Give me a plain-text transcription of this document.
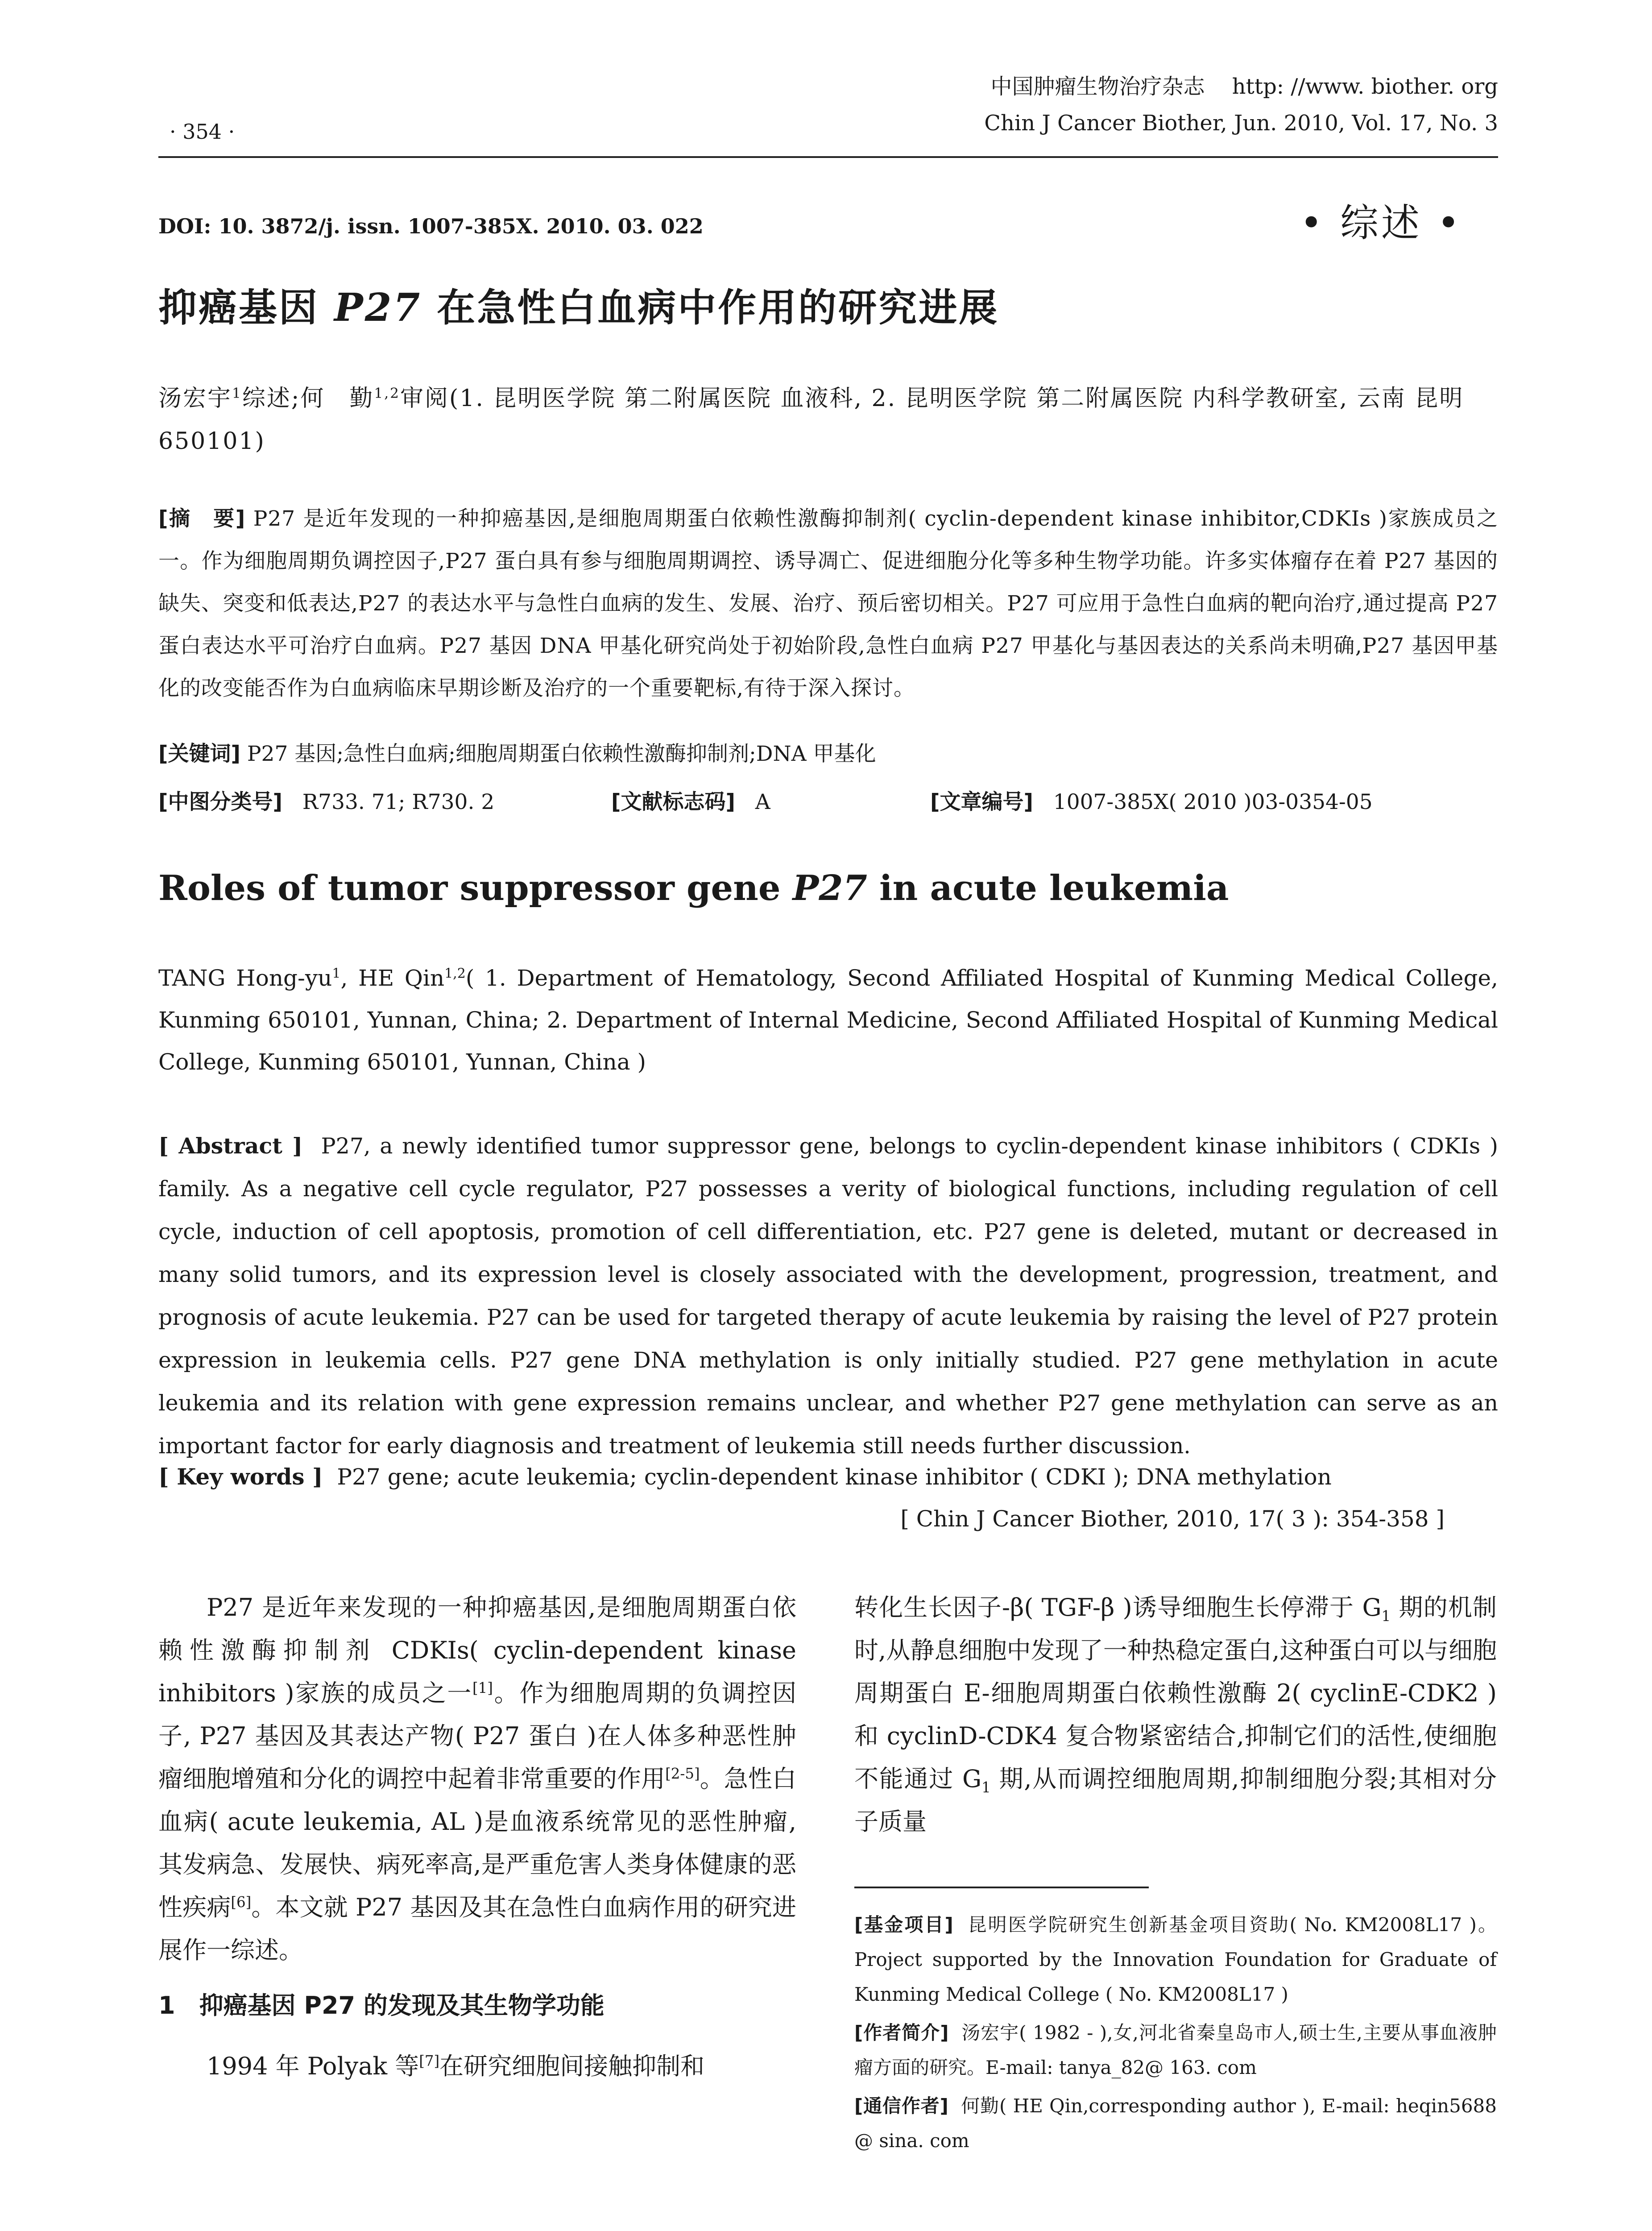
· 354 ·
中国肿瘤生物治疗杂志 http: //www. biother. org
Chin J Cancer Biother, Jun. 2010, Vol. 17, No. 3
DOI: 10. 3872/j. issn. 1007-385X. 2010. 03. 022	• 综述 •
抑癌基因 P27 在急性白血病中作用的研究进展
汤宏宇$^1$综述;何　勤$^{1,2}$审阅(1. 昆明医学院 第二附属医院 血液科, 2. 昆明医学院 第二附属医院 内科学教研室, 云南 昆明 650101)
[摘　要] P27 是近年发现的一种抑癌基因,是细胞周期蛋白依赖性激酶抑制剂( cyclin-dependent kinase inhibitor,CDKIs )家族成员之一。作为细胞周期负调控因子,P27 蛋白具有参与细胞周期调控、诱导凋亡、促进细胞分化等多种生物学功能。许多实体瘤存在着 P27 基因的缺失、突变和低表达,P27 的表达水平与急性白血病的发生、发展、治疗、预后密切相关。P27 可应用于急性白血病的靶向治疗,通过提高 P27 蛋白表达水平可治疗白血病。P27 基因 DNA 甲基化研究尚处于初始阶段,急性白血病 P27 甲基化与基因表达的关系尚未明确,P27 基因甲基化的改变能否作为白血病临床早期诊断及治疗的一个重要靶标,有待于深入探讨。
[关键词] P27 基因;急性白血病;细胞周期蛋白依赖性激酶抑制剂;DNA 甲基化
[中图分类号] R733. 71; R730. 2	[文献标志码] A	[文章编号] 1007-385X( 2010 )03-0354-05
Roles of tumor suppressor gene P27 in acute leukemia
TANG Hong-$yu^1$, HE Qin$^{1,2}$( 1. Department of Hematology, Second Affiliated Hospital of Kunming Medical College, Kunming 650101, Yunnan, China; 2. Department of Internal Medicine, Second Affiliated Hospital of Kunming Medical College, Kunming 650101, Yunnan, China )
[ Abstract ] P27, a newly identified tumor suppressor gene, belongs to cyclin-dependent kinase inhibitors ( CDKIs ) family. As a negative cell cycle regulator, P27 possesses a verity of biological functions, including regulation of cell cycle, induction of cell apoptosis, promotion of cell differentiation, etc. P27 gene is deleted, mutant or decreased in many solid tumors, and its expression level is closely associated with the development, progression, treatment, and prognosis of acute leukemia. P27 can be used for targeted therapy of acute leukemia by raising the level of P27 protein expression in leukemia cells. P27 gene DNA methylation is only initially studied. P27 gene methylation in acute leukemia and its relation with gene expression remains unclear, and whether P27 gene methylation can serve as an important factor for early diagnosis and treatment of leukemia still needs further discussion.
[ Key words ] P27 gene; acute leukemia; cyclin-dependent kinase inhibitor ( CDKI ); DNA methylation
[ Chin J Cancer Biother, 2010, 17( 3 ): 354-358 ]

P27 是近年来发现的一种抑癌基因,是细胞周期蛋白依赖性激酶抑制剂 CDKIs( cyclin-dependent kinase inhibitors )家族的成员之一[1]。作为细胞周期的负调控因子, P27 基因及其表达产物( P27 蛋白 )在人体多种恶性肿瘤细胞增殖和分化的调控中起着非常重要的作用[2-5]。急性白血病( acute leukemia, AL )是血液系统常见的恶性肿瘤,其发病急、发展快、病死率高,是严重危害人类身体健康的恶性疾病[6]。本文就 P27 基因及其在急性白血病作用的研究进展作一综述。

1　抑癌基因 P27 的发现及其生物学功能

1994 年 Polyak 等[7]在研究细胞间接触抑制和

转化生长因子-β( TGF-β )诱导细胞生长停滞于 $G_1$ 期的机制时,从静息细胞中发现了一种热稳定蛋白,这种蛋白可以与细胞周期蛋白 E-细胞周期蛋白依赖性激酶 2( cyclinE-CDK2 )和 cyclinD-CDK4 复合物紧密结合,抑制它们的活性,使细胞不能通过 $G_1$ 期,从而调控细胞周期,抑制细胞分裂;其相对分子质量

[基金项目] 昆明医学院研究生创新基金项目资助( No. KM2008L17 )。Project supported by the Innovation Foundation for Graduate of Kunming Medical College ( No. KM2008L17 )

[作者简介] 汤宏宇( 1982 - ),女,河北省秦皇岛市人,硕士生,主要从事血液肿瘤方面的研究。E-mail: tanya_82@ 163. com

[通信作者] 何勤( HE Qin,corresponding author ), E-mail: heqin5688 @ sina. com
